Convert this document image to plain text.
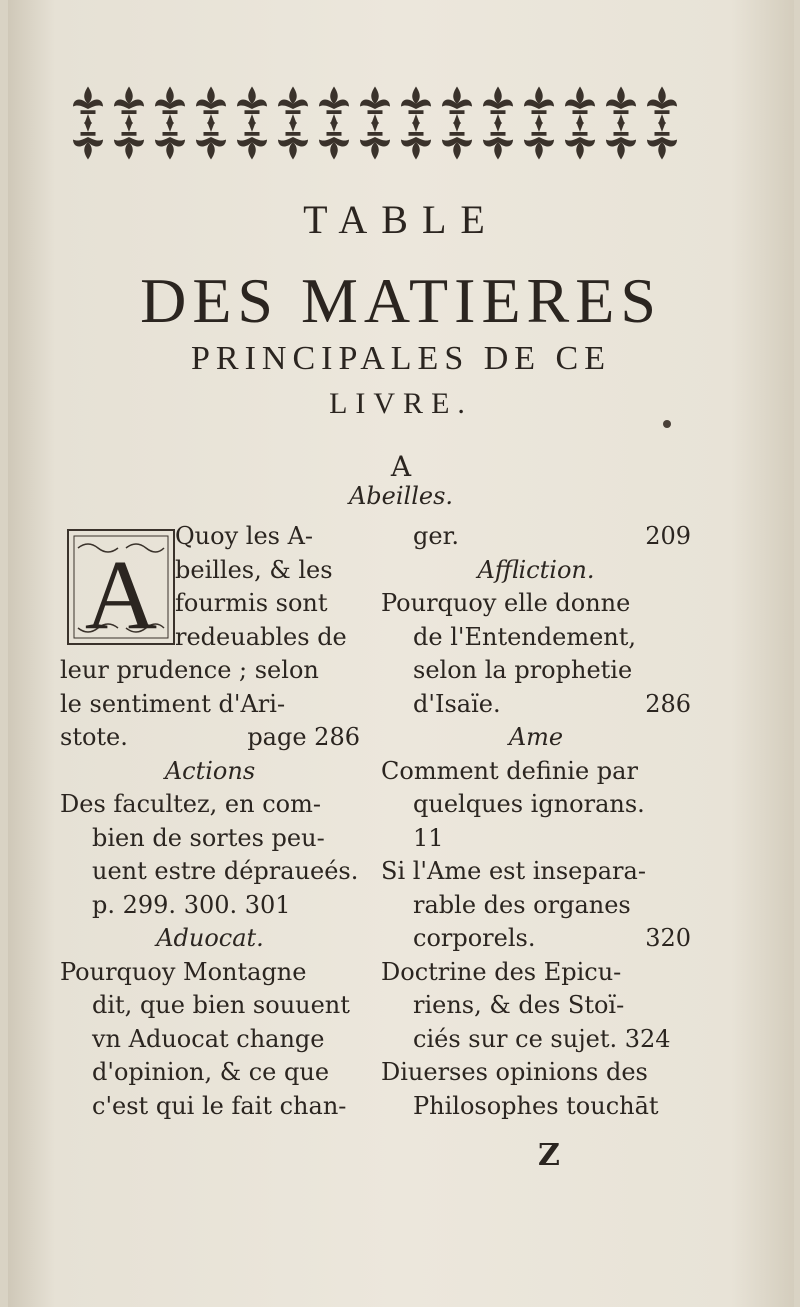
TABLE
DES MATIERES
PRINCIPALES DE CE
LIVRE.
A
Abeilles.
A
Quoy les A-
beilles, & les
fourmis sont
redeuables de
leur prudence ; selon
le sentiment d'Ari-
stote.	page 286
Actions
Des facultez, en com-
bien de sortes peu-
uent estre dépraueés.
p. 299. 300. 301
Aduocat.
Pourquoy Montagne
dit, que bien souuent
vn Aduocat change
d'opinion, & ce que
c'est qui le fait chan-
ger.	209
Affliction.
Pourquoy elle donne
de l'Entendement,
selon la prophetie
d'Isaïe.	286
Ame
Comment definie par
quelques ignorans.
11
Si l'Ame est insepara-
rable des organes
corporels.	320
Doctrine des Epicu-
riens, & des Stoï-
ciés sur ce sujet. 324
Diuerses opinions des
Philosophes touchāt
Z
